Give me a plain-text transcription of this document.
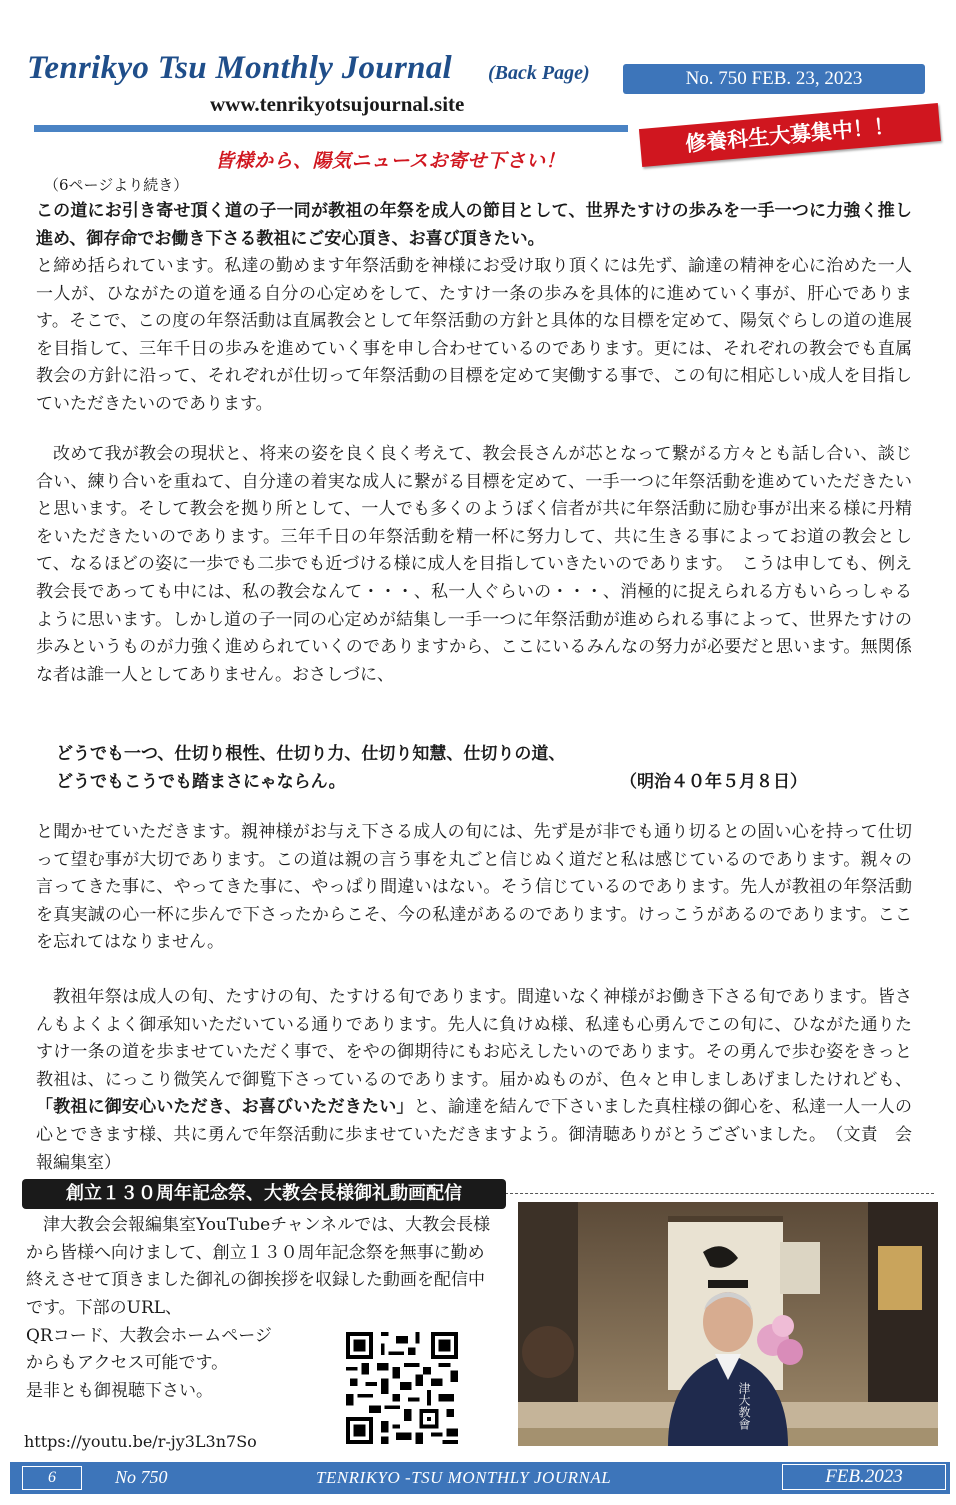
Tenrikyo Tsu Monthly Journal (Back Page)	No. 750 FEB. 23, 2023
www.tenrikyotsujournal.site
修養科生大募集中！！
皆様から、陽気ニュースお寄せ下さい！
（6ページより続き）
この道にお引き寄せ頂く道の子一同が教祖の年祭を成人の節目として、世界たすけの歩みを一手一つに力強く推し進め、御存命でお働き下さる教祖にご安心頂き、お喜び頂きたい。
と締め括られています。私達の勤めます年祭活動を神様にお受け取り頂くには先ず、諭達の精神を心に治めた一人一人が、ひながたの道を通る自分の心定めをして、たすけ一条の歩みを具体的に進めていく事が、肝心であります。そこで、この度の年祭活動は直属教会として年祭活動の方針と具体的な目標を定めて、陽気ぐらしの道の進展を目指して、三年千日の歩みを進めていく事を申し合わせているのであります。更には、それぞれの教会でも直属教会の方針に沿って、それぞれが仕切って年祭活動の目標を定めて実働する事で、この旬に相応しい成人を目指していただきたいのであります。
改めて我が教会の現状と、将来の姿を良く良く考えて、教会長さんが芯となって繋がる方々とも話し合い、談じ合い、練り合いを重ねて、自分達の着実な成人に繋がる目標を定めて、一手一つに年祭活動を進めていただきたいと思います。そして教会を拠り所として、一人でも多くのようぼく信者が共に年祭活動に励む事が出来る様に丹精をいただきたいのであります。三年千日の年祭活動を精一杯に努力して、共に生きる事によってお道の教会として、なるほどの姿に一歩でも二歩でも近づける様に成人を目指していきたいのであります。　こうは申しても、例え教会長であっても中には、私の教会なんて・・・、私一人ぐらいの・・・、消極的に捉えられる方もいらっしゃるように思います。しかし道の子一同の心定めが結集し一手一つに年祭活動が進められる事によって、世界たすけの歩みというものが力強く進められていくのでありますから、ここにいるみんなの努力が必要だと思います。無関係な者は誰一人としてありません。おさしづに、
どうでも一つ、仕切り根性、仕切り力、仕切り知慧、仕切りの道、
どうでもこうでも踏まさにゃならん。	（明治４０年５月８日）
と聞かせていただきます。親神様がお与え下さる成人の旬には、先ず是が非でも通り切るとの固い心を持って仕切って望む事が大切であります。この道は親の言う事を丸ごと信じぬく道だと私は感じているのであります。親々の言ってきた事に、やってきた事に、やっぱり間違いはない。そう信じているのであります。先人が教祖の年祭活動を真実誠の心一杯に歩んで下さったからこそ、今の私達があるのであります。けっこうがあるのであります。ここを忘れてはなりません。
教祖年祭は成人の旬、たすけの旬、たすける旬であります。間違いなく神様がお働き下さる旬であります。皆さんもよくよく御承知いただいている通りであります。先人に負けぬ様、私達も心勇んでこの旬に、ひながた通りたすけ一条の道を歩ませていただく事で、をやの御期待にもお応えしたいのであります。その勇んで歩む姿をきっと教祖は、にっこり微笑んで御覧下さっているのであります。届かぬものが、色々と申しましあげましたけれども、「教祖に御安心いただき、お喜びいただきたい」と、諭達を結んで下さいました真柱様の御心を、私達一人一人の心とできます様、共に勇んで年祭活動に歩ませていただきますよう。御清聴ありがとうございました。　（文責　会報編集室）
創立１３０周年記念祭、大教会長様御礼動画配信
　津大教会会報編集室YouTubeチャンネルでは、大教会長様から皆様へ向けまして、創立１３０周年記念祭を無事に勤め終えさせて頂きました御礼の御挨拶を収録した動画を配信中です。下部のURL、
QRコード、大教会ホームページ
からもアクセス可能です。
是非とも御視聴下さい。
https://youtu.be/r-jy3L3n7So
津大教會
6	No 750	TENRIKYO -TSU MONTHLY JOURNAL	FEB.2023
